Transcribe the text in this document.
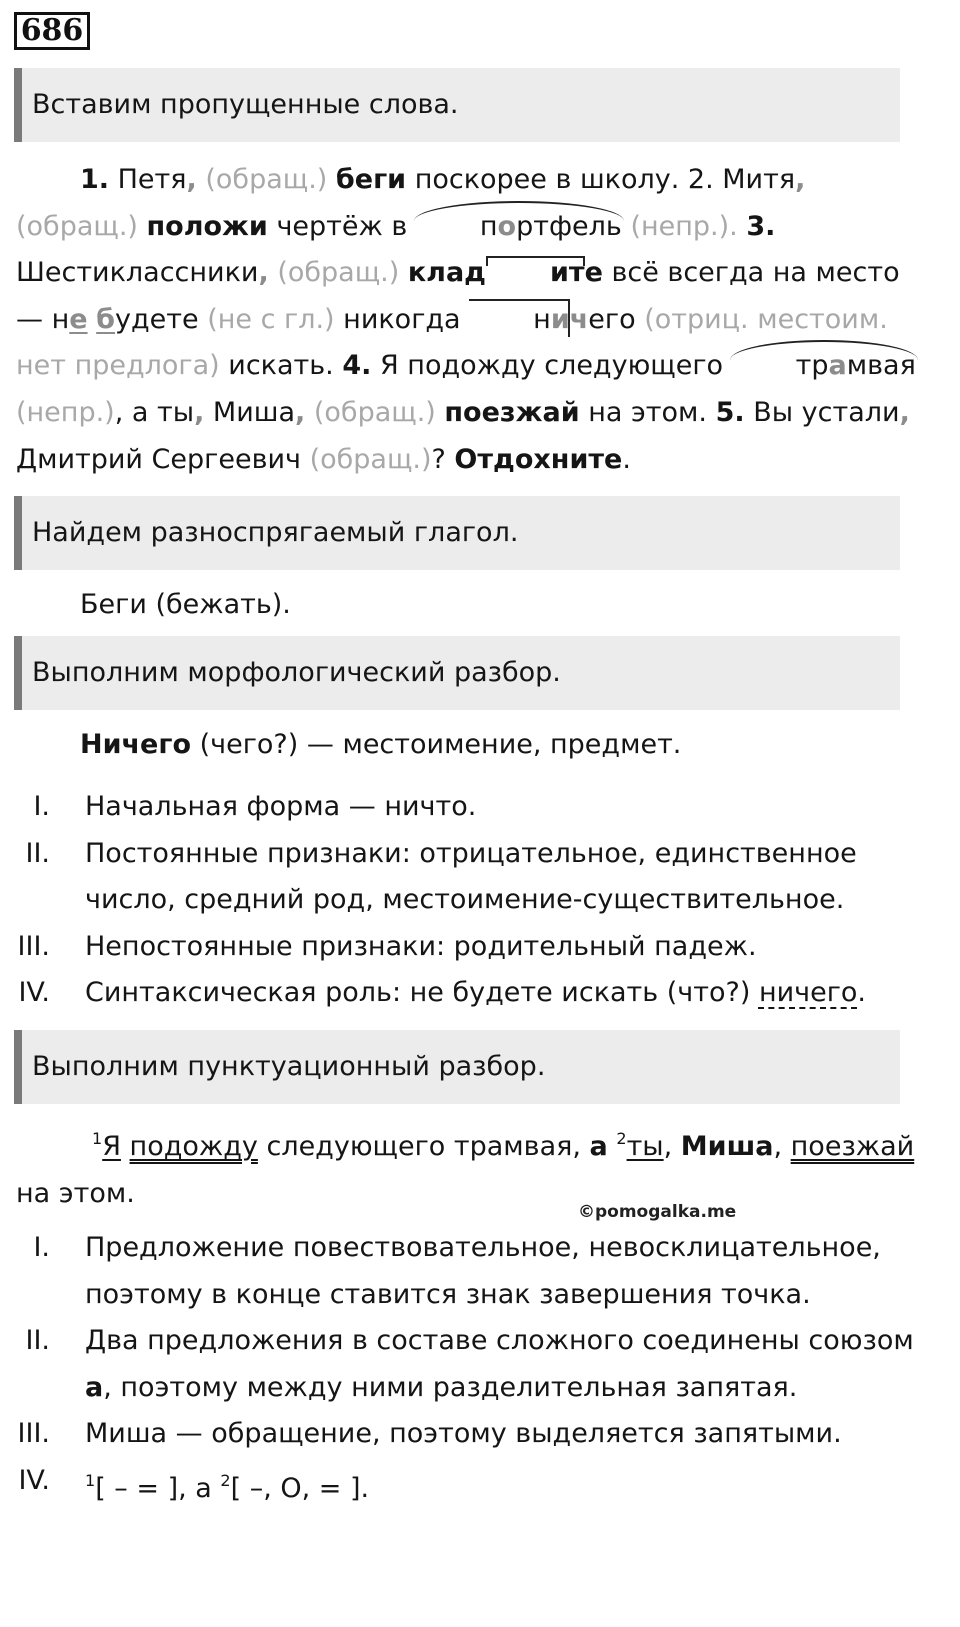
686
Вставим пропущенные слова.
1. Петя, (обращ.) беги поскорее в школу. 2. Митя, (обращ.) положи чертёж в портфель (непр.). 3. Шестиклассники, (обращ.) клад ите всё всегда на место — не будете (не с гл.) никогда ничего (отриц. местоим. нет предлога) искать. 4. Я подожду следующего трамвая (непр.), а ты, Миша, (обращ.) поезжай на этом. 5. Вы устали, Дмитрий Сергеевич (обращ.)? Отдохните.
Найдем разноспрягаемый глагол.
Беги (бежать).
Выполним морфологический разбор.
Ничего (чего?) — местоимение, предмет.
I. Начальная форма — ничто.
II. Постоянные признаки: отрицательное, единственное число, средний род, местоимение-существительное.
III. Непостоянные признаки: родительный падеж.
IV. Синтаксическая роль: не будете искать (что?) ничего.
Выполним пунктуационный разбор.
$^1$Я подожду следующего трамвая, а $^2$ты, Миша, поезжай на этом.
©pomogalka.me
I. Предложение повествовательное, невосклицательное, поэтому в конце ставится знак завершения точка.
II. Два предложения в составе сложного соединены союзом а, поэтому между ними разделительная запятая.
III. Миша — обращение, поэтому выделяется запятыми.
IV. $^1$[ – = ], а $^2$[ –, О, = ].
